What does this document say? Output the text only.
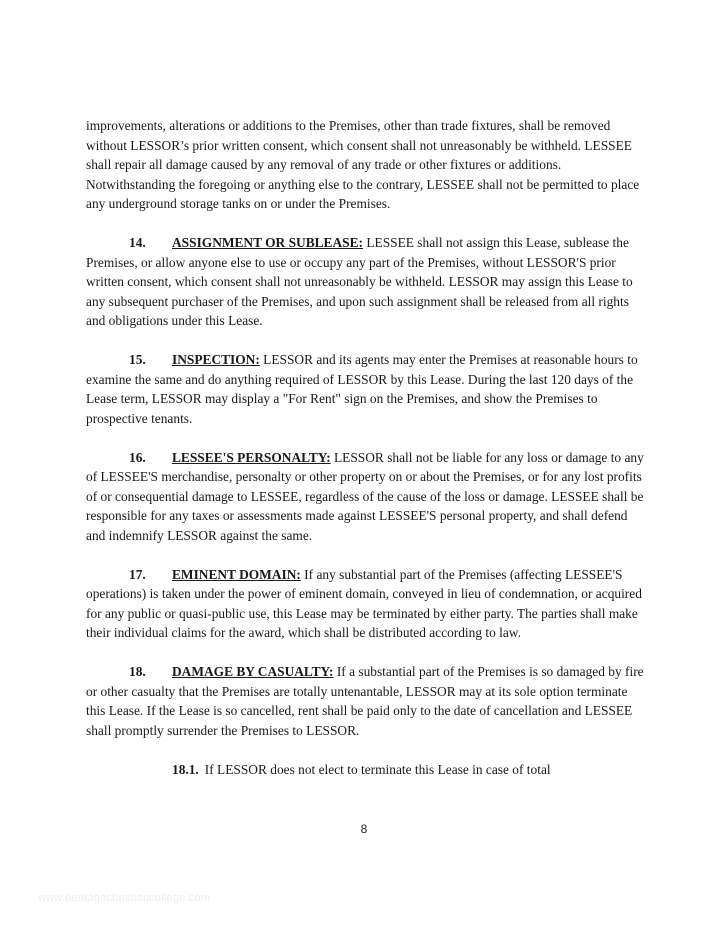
improvements, alterations or additions to the Premises, other than trade fixtures, shall be removed without LESSOR’s prior written consent, which consent shall not unreasonably be withheld. LESSEE shall repair all damage caused by any removal of any trade or other fixtures or additions. Notwithstanding the foregoing or anything else to the contrary, LESSEE shall not be permitted to place any underground storage tanks on or under the Premises.

14. ASSIGNMENT OR SUBLEASE: LESSEE shall not assign this Lease, sublease the Premises, or allow anyone else to use or occupy any part of the Premises, without LESSOR'S prior written consent, which consent shall not unreasonably be withheld. LESSOR may assign this Lease to any subsequent purchaser of the Premises, and upon such assignment shall be released from all rights and obligations under this Lease.

15. INSPECTION: LESSOR and its agents may enter the Premises at reasonable hours to examine the same and do anything required of LESSOR by this Lease. During the last 120 days of the Lease term, LESSOR may display a "For Rent" sign on the Premises, and show the Premises to prospective tenants.

16. LESSEE'S PERSONALTY: LESSOR shall not be liable for any loss or damage to any of LESSEE'S merchandise, personalty or other property on or about the Premises, or for any lost profits of or consequential damage to LESSEE, regardless of the cause of the loss or damage. LESSEE shall be responsible for any taxes or assessments made against LESSEE'S personal property, and shall defend and indemnify LESSOR against the same.

17. EMINENT DOMAIN: If any substantial part of the Premises (affecting LESSEE'S operations) is taken under the power of eminent domain, conveyed in lieu of condemnation, or acquired for any public or quasi-public use, this Lease may be terminated by either party. The parties shall make their individual claims for the award, which shall be distributed according to law.

18. DAMAGE BY CASUALTY: If a substantial part of the Premises is so damaged by fire or other casualty that the Premises are totally untenantable, LESSOR may at its sole option terminate this Lease. If the Lease is so cancelled, rent shall be paid only to the date of cancellation and LESSEE shall promptly surrender the Premises to LESSOR.

18.1. If LESSOR does not elect to terminate this Lease in case of total

8
www.heritagechristiancollege.com
